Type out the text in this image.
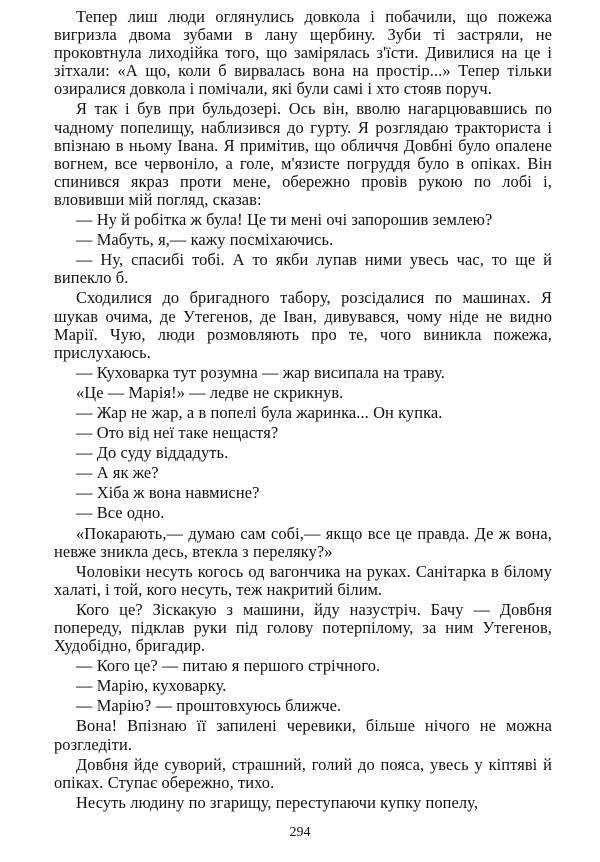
Тепер лиш люди оглянулись довкола і побачили, що пожежа вигризла двома зубами в лану щербину. Зуби ті застряли, не проковтнула лиходійка того, що замірялась з'їсти. Дивилися на це і зітхали: «А що, коли б вирвалась вона на простір...» Тепер тільки озиралися довкола і помічали, які були самі і хто стояв поруч.

Я так і був при бульдозері. Ось він, вволю нагарцювавшись по чадному попелищу, наблизився до гурту. Я розглядаю тракториста і впізнаю в ньому Івана. Я примітив, що обличчя Довбні було опалене вогнем, все червоніло, а голе, м'язисте погруддя було в опіках. Він спинився якраз проти мене, обережно провів рукою по лобі і, вловивши мій погляд, сказав:

— Ну й робітка ж була! Це ти мені очі запорошив землею?

— Мабуть, я,— кажу посміхаючись.

— Ну, спасибі тобі. А то якби лупав ними увесь час, то ще й випекло б.

Сходилися до бригадного табору, розсідалися по машинах. Я шукав очима, де Утегенов, де Іван, дивувався, чому ніде не видно Марії. Чую, люди розмовляють про те, чого виникла пожежа, прислухаюсь.

— Куховарка тут розумна — жар висипала на траву.

«Це — Марія!» — ледве не скрикнув.

— Жар не жар, а в попелі була жаринка... Он купка.

— Ото від неї таке нещастя?

— До суду віддадуть.

— А як же?

— Хіба ж вона навмисне?

— Все одно.

«Покарають,— думаю сам собі,— якщо все це правда. Де ж вона, невже зникла десь, втекла з переляку?»

Чоловіки несуть когось од вагончика на руках. Санітарка в білому халаті, і той, кого несуть, теж накритий білим.

Кого це? Зіскакую з машини, йду назустріч. Бачу — Довбня попереду, підклав руки під голову потерпілому, за ним Утегенов, Худобідно, бригадир.

— Кого це? — питаю я першого стрічного.

— Марію, куховарку.

— Марію? — проштовхуюсь ближче.

Вона! Впізнаю її запилені черевики, більше нічого не можна розгледіти.

Довбня йде суворий, страшний, голий до пояса, увесь у кіптяві й опіках. Ступає обережно, тихо.

Несуть людину по згарищу, переступаючи купку попелу,

294
